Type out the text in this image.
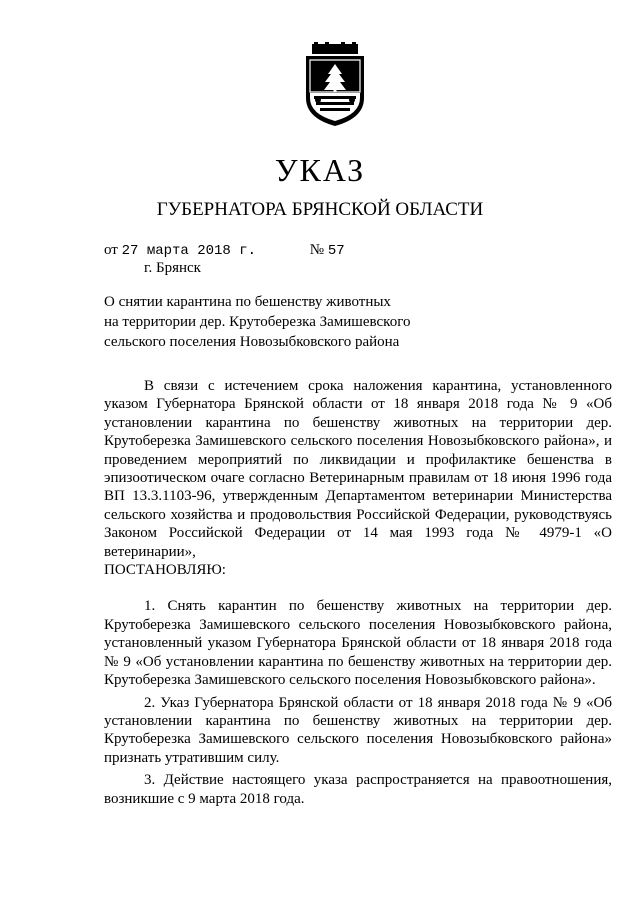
УКАЗ
ГУБЕРНАТОРА БРЯНСКОЙ ОБЛАСТИ
от 27 марта 2018 г.	№ 57
г. Брянск
О снятии карантина по бешенству животных
на территории дер. Крутоберезка Замишевского
сельского поселения Новозыбковского района

В связи с истечением срока наложения карантина, установленного указом Губернатора Брянской области от 18 января 2018 года № 9 «Об установлении карантина по бешенству животных на территории дер. Крутоберезка Замишевского сельского поселения Новозыбковского района», и проведением мероприятий по ликвидации и профилактике бешенства в эпизоотическом очаге согласно Ветеринарным правилам от 18 июня 1996 года ВП 13.3.1103-96, утвержденным Департаментом ветеринарии Министерства сельского хозяйства и продовольствия Российской Федерации, руководствуясь Законом Российской Федерации от 14 мая 1993 года № 4979-1 «О ветеринарии»,

ПОСТАНОВЛЯЮ:

1. Снять карантин по бешенству животных на территории дер. Крутоберезка Замишевского сельского поселения Новозыбковского района, установленный указом Губернатора Брянской области от 18 января 2018 года № 9 «Об установлении карантина по бешенству животных на территории дер. Крутоберезка Замишевского сельского поселения Новозыбковского района».

2. Указ Губернатора Брянской области от 18 января 2018 года № 9 «Об установлении карантина по бешенству животных на территории дер. Крутоберезка Замишевского сельского поселения Новозыбковского района» признать утратившим силу.

3. Действие настоящего указа распространяется на правоотношения, возникшие с 9 марта 2018 года.
